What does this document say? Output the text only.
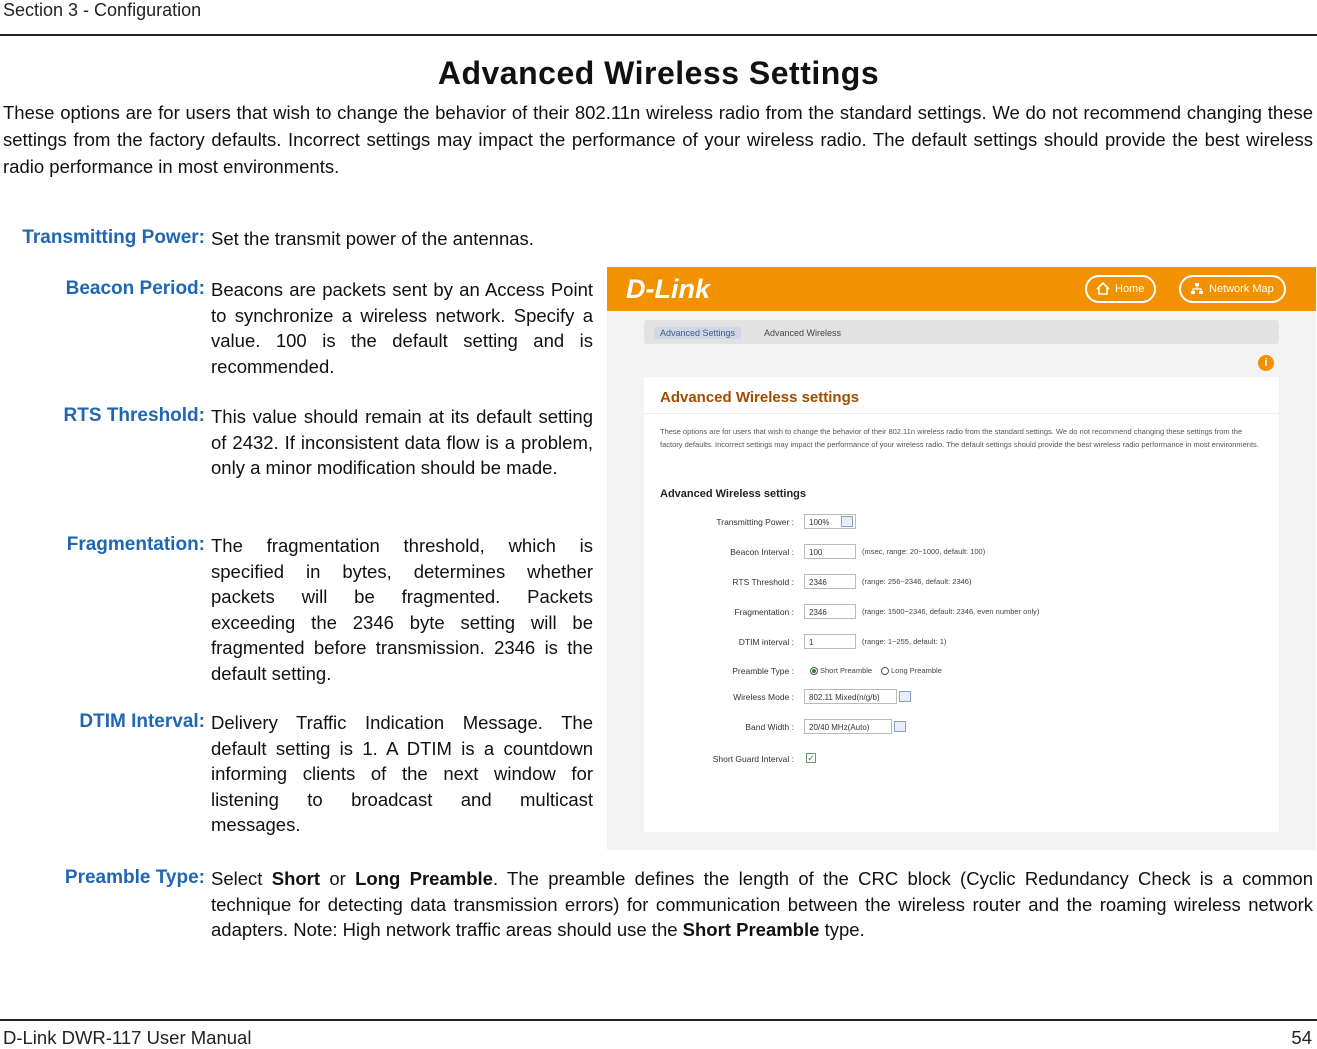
Section 3 - Configuration
Advanced Wireless Settings
These options are for users that wish to change the behavior of their 802.11n wireless radio from the standard settings. We do not recommend changing these settings from the factory defaults. Incorrect settings may impact the performance of your wireless radio. The default settings should provide the best wireless radio performance in most environments.
Transmitting Power: Set the transmit power of the antennas.
Beacon Period: Beacons are packets sent by an Access Point to synchronize a wireless network. Specify a value. 100 is the default setting and is recommended.
RTS Threshold: This value should remain at its default setting of 2432. If inconsistent data flow is a problem, only a minor modification should be made.
Fragmentation: The fragmentation threshold, which is specified in bytes, determines whether packets will be fragmented. Packets exceeding the 2346 byte setting will be fragmented before transmission. 2346 is the default setting.
DTIM Interval: Delivery Traffic Indication Message. The default setting is 1. A DTIM is a countdown informing clients of the next window for listening to broadcast and multicast messages.
Preamble Type: Select Short or Long Preamble. The preamble defines the length of the CRC block (Cyclic Redundancy Check is a common technique for detecting data transmission errors) for communication between the wireless router and the roaming wireless network adapters. Note: High network traffic areas should use the Short Preamble type.
D-Link	Home	Network Map
Advanced Settings	Advanced Wireless
i
Advanced Wireless settings
These options are for users that wish to change the behavior of their 802.11n wireless radio from the standard settings. We do not recommend changing these settings from the factory defaults. Incorrect settings may impact the performance of your wireless radio. The default settings should provide the best wireless radio performance in most environments.
Advanced Wireless settings
Transmitting Power :	100%
Beacon Interval :	100	(msec, range: 20~1000, default: 100)
RTS Threshold :	2346	(range: 256~2346, default: 2346)
Fragmentation :	2346	(range: 1500~2346, default: 2346, even number only)
DTIM interval :	1	(range: 1~255, default: 1)
Preamble Type :	Short Preamble	Long Preamble
Wireless Mode :	802.11 Mixed(n/g/b)
Band Width :	20/40 MHz(Auto)
Short Guard Interval : ✓
D-Link DWR-117 User Manual	54
